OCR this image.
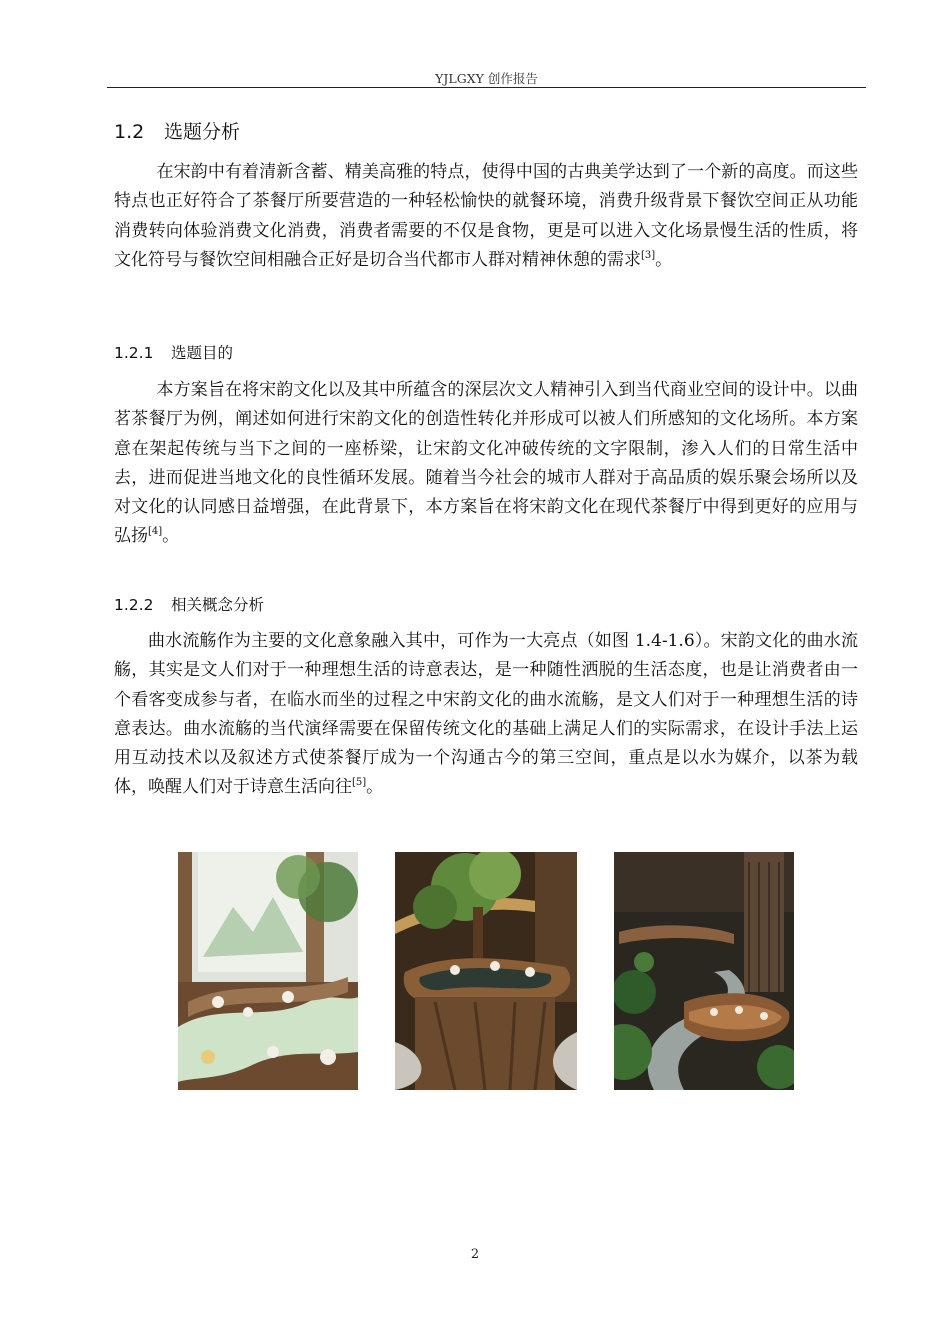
YJLGXY 创作报告
1.2 选题分析

在宋韵中有着清新含蓄、精美高雅的特点，使得中国的古典美学达到了一个新的高度。而这些特点也正好符合了茶餐厅所要营造的一种轻松愉快的就餐环境，消费升级背景下餐饮空间正从功能消费转向体验消费文化消费，消费者需要的不仅是食物，更是可以进入文化场景慢生活的性质，将文化符号与餐饮空间相融合正好是切合当代都市人群对精神休憩的需求[3]。

1.2.1 选题目的

本方案旨在将宋韵文化以及其中所蕴含的深层次文人精神引入到当代商业空间的设计中。以曲茗茶餐厅为例，阐述如何进行宋韵文化的创造性转化并形成可以被人们所感知的文化场所。本方案意在架起传统与当下之间的一座桥梁，让宋韵文化冲破传统的文字限制，渗入人们的日常生活中去，进而促进当地文化的良性循环发展。随着当今社会的城市人群对于高品质的娱乐聚会场所以及对文化的认同感日益增强，在此背景下，本方案旨在将宋韵文化在现代茶餐厅中得到更好的应用与弘扬[4]。

1.2.2 相关概念分析

曲水流觞作为主要的文化意象融入其中，可作为一大亮点（如图 1.4-1.6）。宋韵文化的曲水流觞，其实是文人们对于一种理想生活的诗意表达，是一种随性洒脱的生活态度，也是让消费者由一个看客变成参与者，在临水而坐的过程之中宋韵文化的曲水流觞，是文人们对于一种理想生活的诗意表达。曲水流觞的当代演绎需要在保留传统文化的基础上满足人们的实际需求，在设计手法上运用互动技术以及叙述方式使茶餐厅成为一个沟通古今的第三空间，重点是以水为媒介，以茶为载体，唤醒人们对于诗意生活向往[5]。

2
